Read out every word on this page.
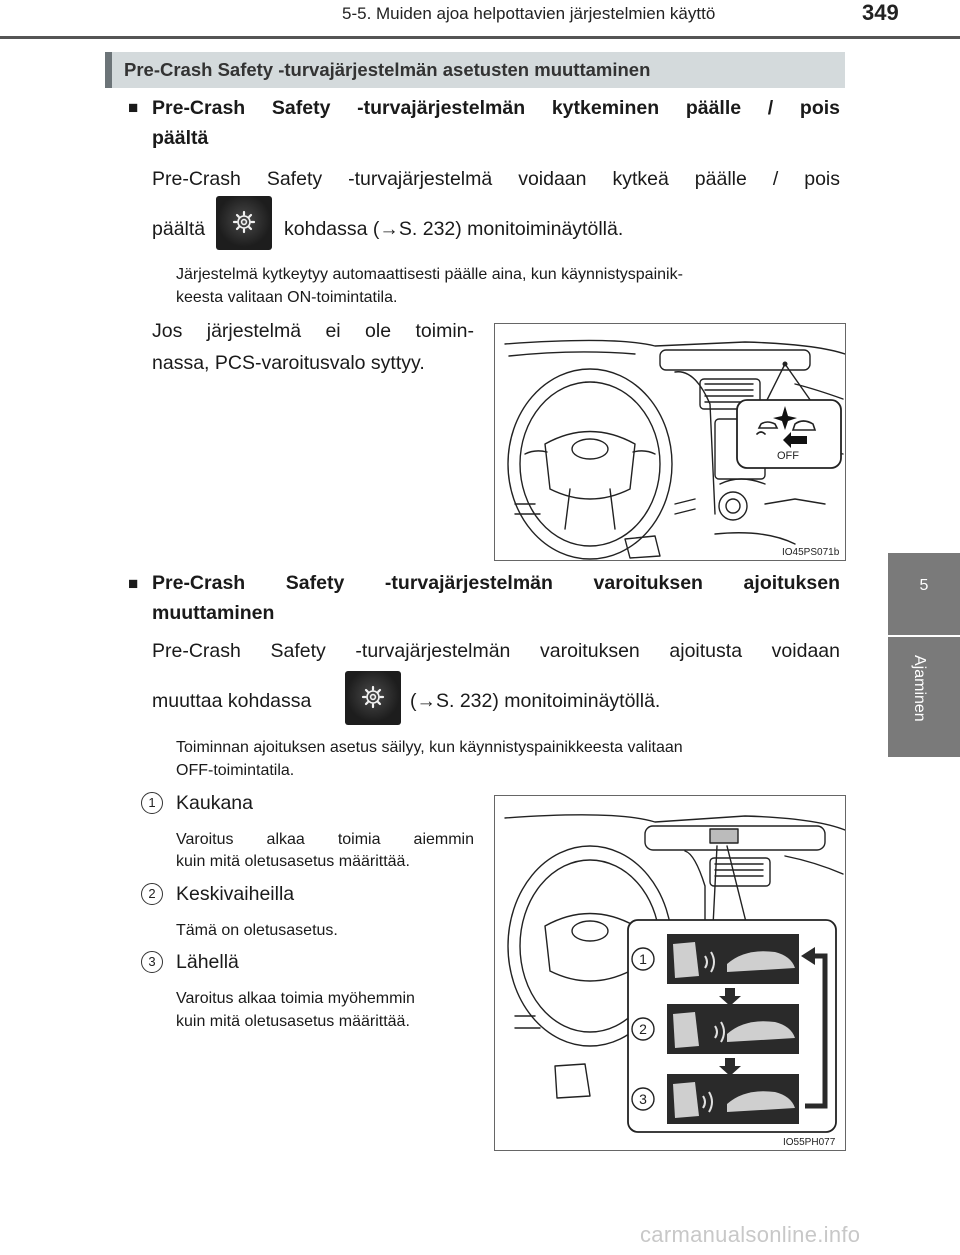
5-5. Muiden ajoa helpottavien järjestelmien käyttö	349
5
Ajaminen
Pre-Crash Safety -turvajärjestelmän asetusten muuttaminen
■ Pre-Crash Safety -turvajärjestelmän kytkeminen päälle / pois
päältä
Pre-Crash Safety -turvajärjestelmä voidaan kytkeä päälle / pois
päältä	kohdassa (→S. 232) monitoiminäytöllä.
Järjestelmä kytkeytyy automaattisesti päälle aina, kun käynnistyspainik-
keesta valitaan ON-toimintatila.
Jos järjestelmä ei ole toimin-
nassa, PCS-varoitusvalo syttyy.
OFF
IO45PS071b
■ Pre-Crash Safety -turvajärjestelmän varoituksen ajoituksen
muuttaminen
Pre-Crash Safety -turvajärjestelmän varoituksen ajoitusta voidaan
muuttaa kohdassa	(→S. 232) monitoiminäytöllä.
Toiminnan ajoituksen asetus säilyy, kun käynnistyspainikkeesta valitaan
OFF-toimintatila.
1	Kaukana
Varoitus alkaa toimia aiemmin
kuin mitä oletusasetus määrittää.
2	Keskivaiheilla
Tämä on oletusasetus.
3	Lähellä
Varoitus alkaa toimia myöhemmin
kuin mitä oletusasetus määrittää.
1
2
3
IO55PH077
carmanualsonline.info
